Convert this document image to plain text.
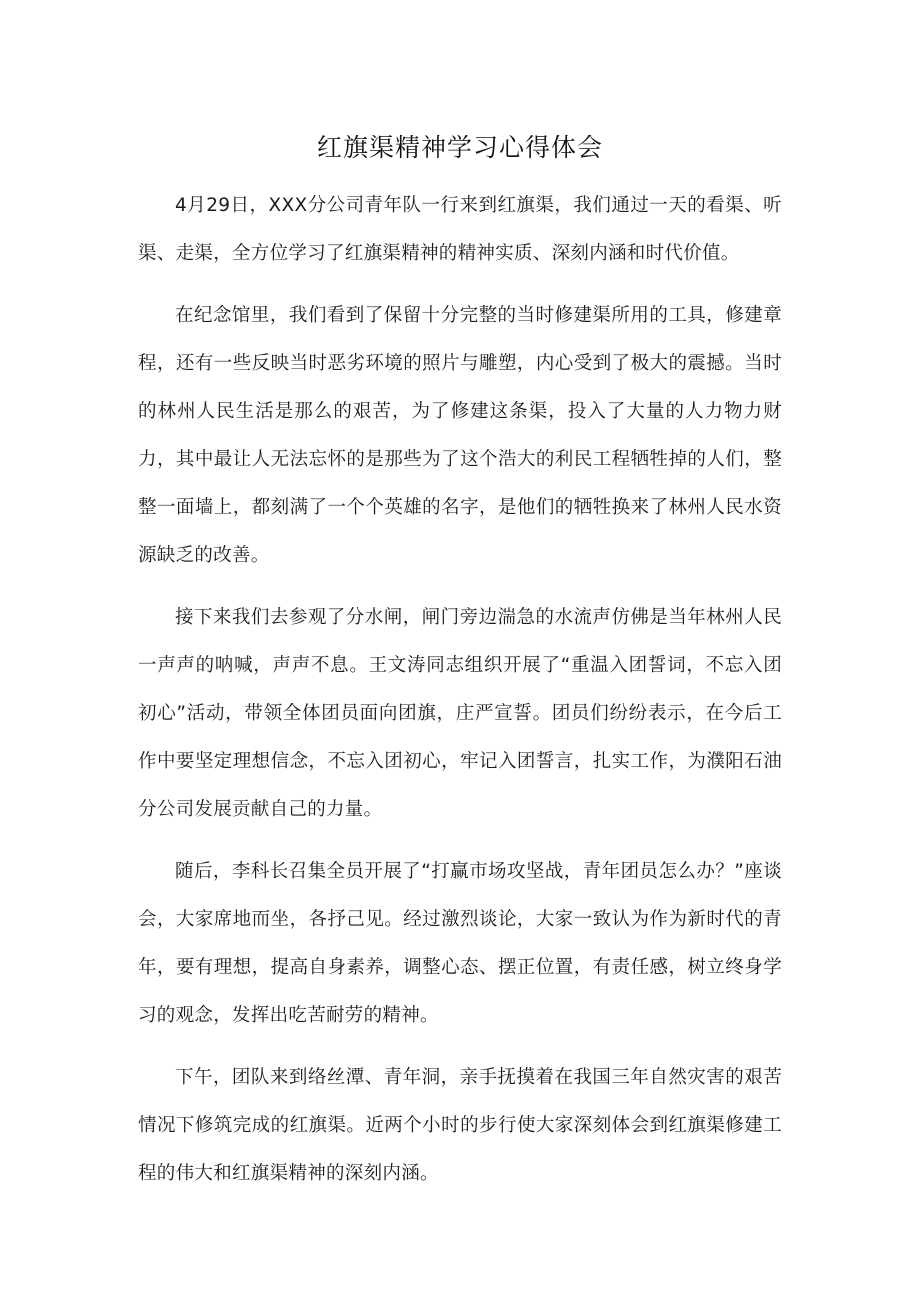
红旗渠精神学习心得体会

4月29日，XXX分公司青年队一行来到红旗渠，我们通过一天的看渠、听渠、走渠，全方位学习了红旗渠精神的精神实质、深刻内涵和时代价值。

在纪念馆里，我们看到了保留十分完整的当时修建渠所用的工具，修建章程，还有一些反映当时恶劣环境的照片与雕塑，内心受到了极大的震撼。当时的林州人民生活是那么的艰苦，为了修建这条渠，投入了大量的人力物力财力，其中最让人无法忘怀的是那些为了这个浩大的利民工程牺牲掉的人们，整整一面墙上，都刻满了一个个英雄的名字，是他们的牺牲换来了林州人民水资源缺乏的改善。

接下来我们去参观了分水闸，闸门旁边湍急的水流声仿佛是当年林州人民一声声的呐喊，声声不息。王文涛同志组织开展了“重温入团誓词，不忘入团初心”活动，带领全体团员面向团旗，庄严宣誓。团员们纷纷表示，在今后工作中要坚定理想信念，不忘入团初心，牢记入团誓言，扎实工作，为濮阳石油分公司发展贡献自己的力量。

随后，李科长召集全员开展了“打赢市场攻坚战，青年团员怎么办？”座谈会，大家席地而坐，各抒己见。经过激烈谈论，大家一致认为作为新时代的青年，要有理想，提高自身素养，调整心态、摆正位置，有责任感，树立终身学习的观念，发挥出吃苦耐劳的精神。

下午，团队来到络丝潭、青年洞，亲手抚摸着在我国三年自然灾害的艰苦情况下修筑完成的红旗渠。近两个小时的步行使大家深刻体会到红旗渠修建工程的伟大和红旗渠精神的深刻内涵。
